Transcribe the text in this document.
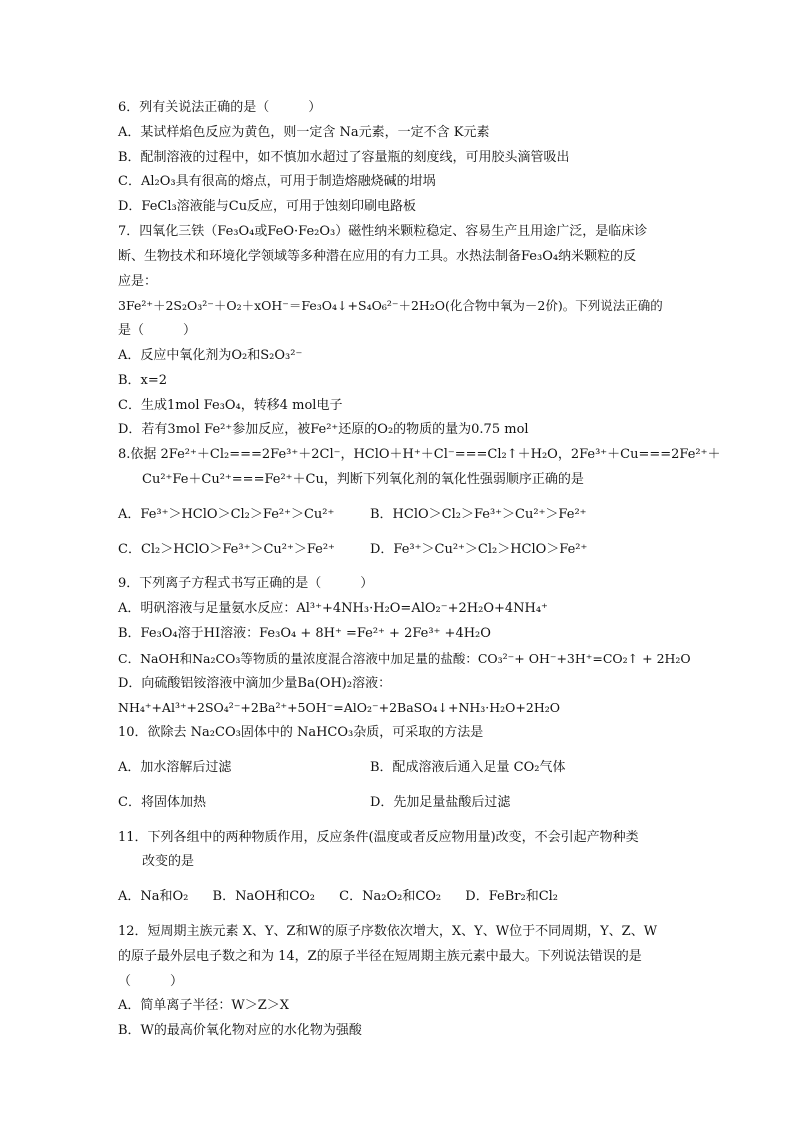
6．列有关说法正确的是（　　　）
A．某试样焰色反应为黄色，则一定含 Na元素，一定不含 K元素
B．配制溶液的过程中，如不慎加水超过了容量瓶的刻度线，可用胶头滴管吸出
C．Al₂O₃具有很高的熔点，可用于制造熔融烧碱的坩埚
D．FeCl₃溶液能与Cu反应，可用于蚀刻印刷电路板
7．四氧化三铁（Fe₃O₄或FeO·Fe₂O₃）磁性纳米颗粒稳定、容易生产且用途广泛，是临床诊
断、生物技术和环境化学领域等多种潜在应用的有力工具。水热法制备Fe₃O₄纳米颗粒的反
应是：
3Fe²⁺＋2S₂O₃²⁻＋O₂＋xOH⁻＝Fe₃O₄↓+S₄O₆²⁻＋2H₂O(化合物中氧为－2价)。下列说法正确的
是（　　　）
A．反应中氧化剂为O₂和S₂O₃²⁻
B．x=2
C．生成1mol Fe₃O₄，转移4 mol电子
D．若有3mol Fe²⁺参加反应，被Fe²⁺还原的O₂的物质的量为0.75 mol
8.依据 2Fe²⁺＋Cl₂===2Fe³⁺＋2Cl⁻，HClO＋H⁺＋Cl⁻===Cl₂↑＋H₂O，2Fe³⁺＋Cu===2Fe²⁺＋
Cu²⁺Fe＋Cu²⁺===Fe²⁺＋Cu，判断下列氧化剂的氧化性强弱顺序正确的是
A．Fe³⁺＞HClO＞Cl₂＞Fe²⁺＞Cu²⁺	B．HClO＞Cl₂＞Fe³⁺＞Cu²⁺＞Fe²⁺
C．Cl₂＞HClO＞Fe³⁺＞Cu²⁺＞Fe²⁺	D．Fe³⁺＞Cu²⁺＞Cl₂＞HClO＞Fe²⁺
9．下列离子方程式书写正确的是（　　　）
A．明矾溶液与足量氨水反应：Al³⁺+4NH₃·H₂O=AlO₂⁻+2H₂O+4NH₄⁺
B．Fe₃O₄溶于HI溶液：Fe₃O₄ + 8H⁺ =Fe²⁺ + 2Fe³⁺ +4H₂O
C．NaOH和Na₂CO₃等物质的量浓度混合溶液中加足量的盐酸：CO₃²⁻+ OH⁻+3H⁺=CO₂↑ + 2H₂O
D．向硫酸铝铵溶液中滴加少量Ba(OH)₂溶液：
NH₄⁺+Al³⁺+2SO₄²⁻+2Ba²⁺+5OH⁻=AlO₂⁻+2BaSO₄↓+NH₃·H₂O+2H₂O
10．欲除去 Na₂CO₃固体中的 NaHCO₃杂质，可采取的方法是
A．加水溶解后过滤	B．配成溶液后通入足量 CO₂气体
C．将固体加热	D．先加足量盐酸后过滤
11．下列各组中的两种物质作用，反应条件(温度或者反应物用量)改变，不会引起产物种类
改变的是
A．Na和O₂ B．NaOH和CO₂ C．Na₂O₂和CO₂ D．FeBr₂和Cl₂
12．短周期主族元素 X、Y、Z和W的原子序数依次增大，X、Y、W位于不同周期，Y、Z、W
的原子最外层电子数之和为 14，Z的原子半径在短周期主族元素中最大。下列说法错误的是
（　　　）
A．简单离子半径：W＞Z＞X
B．W的最高价氧化物对应的水化物为强酸
